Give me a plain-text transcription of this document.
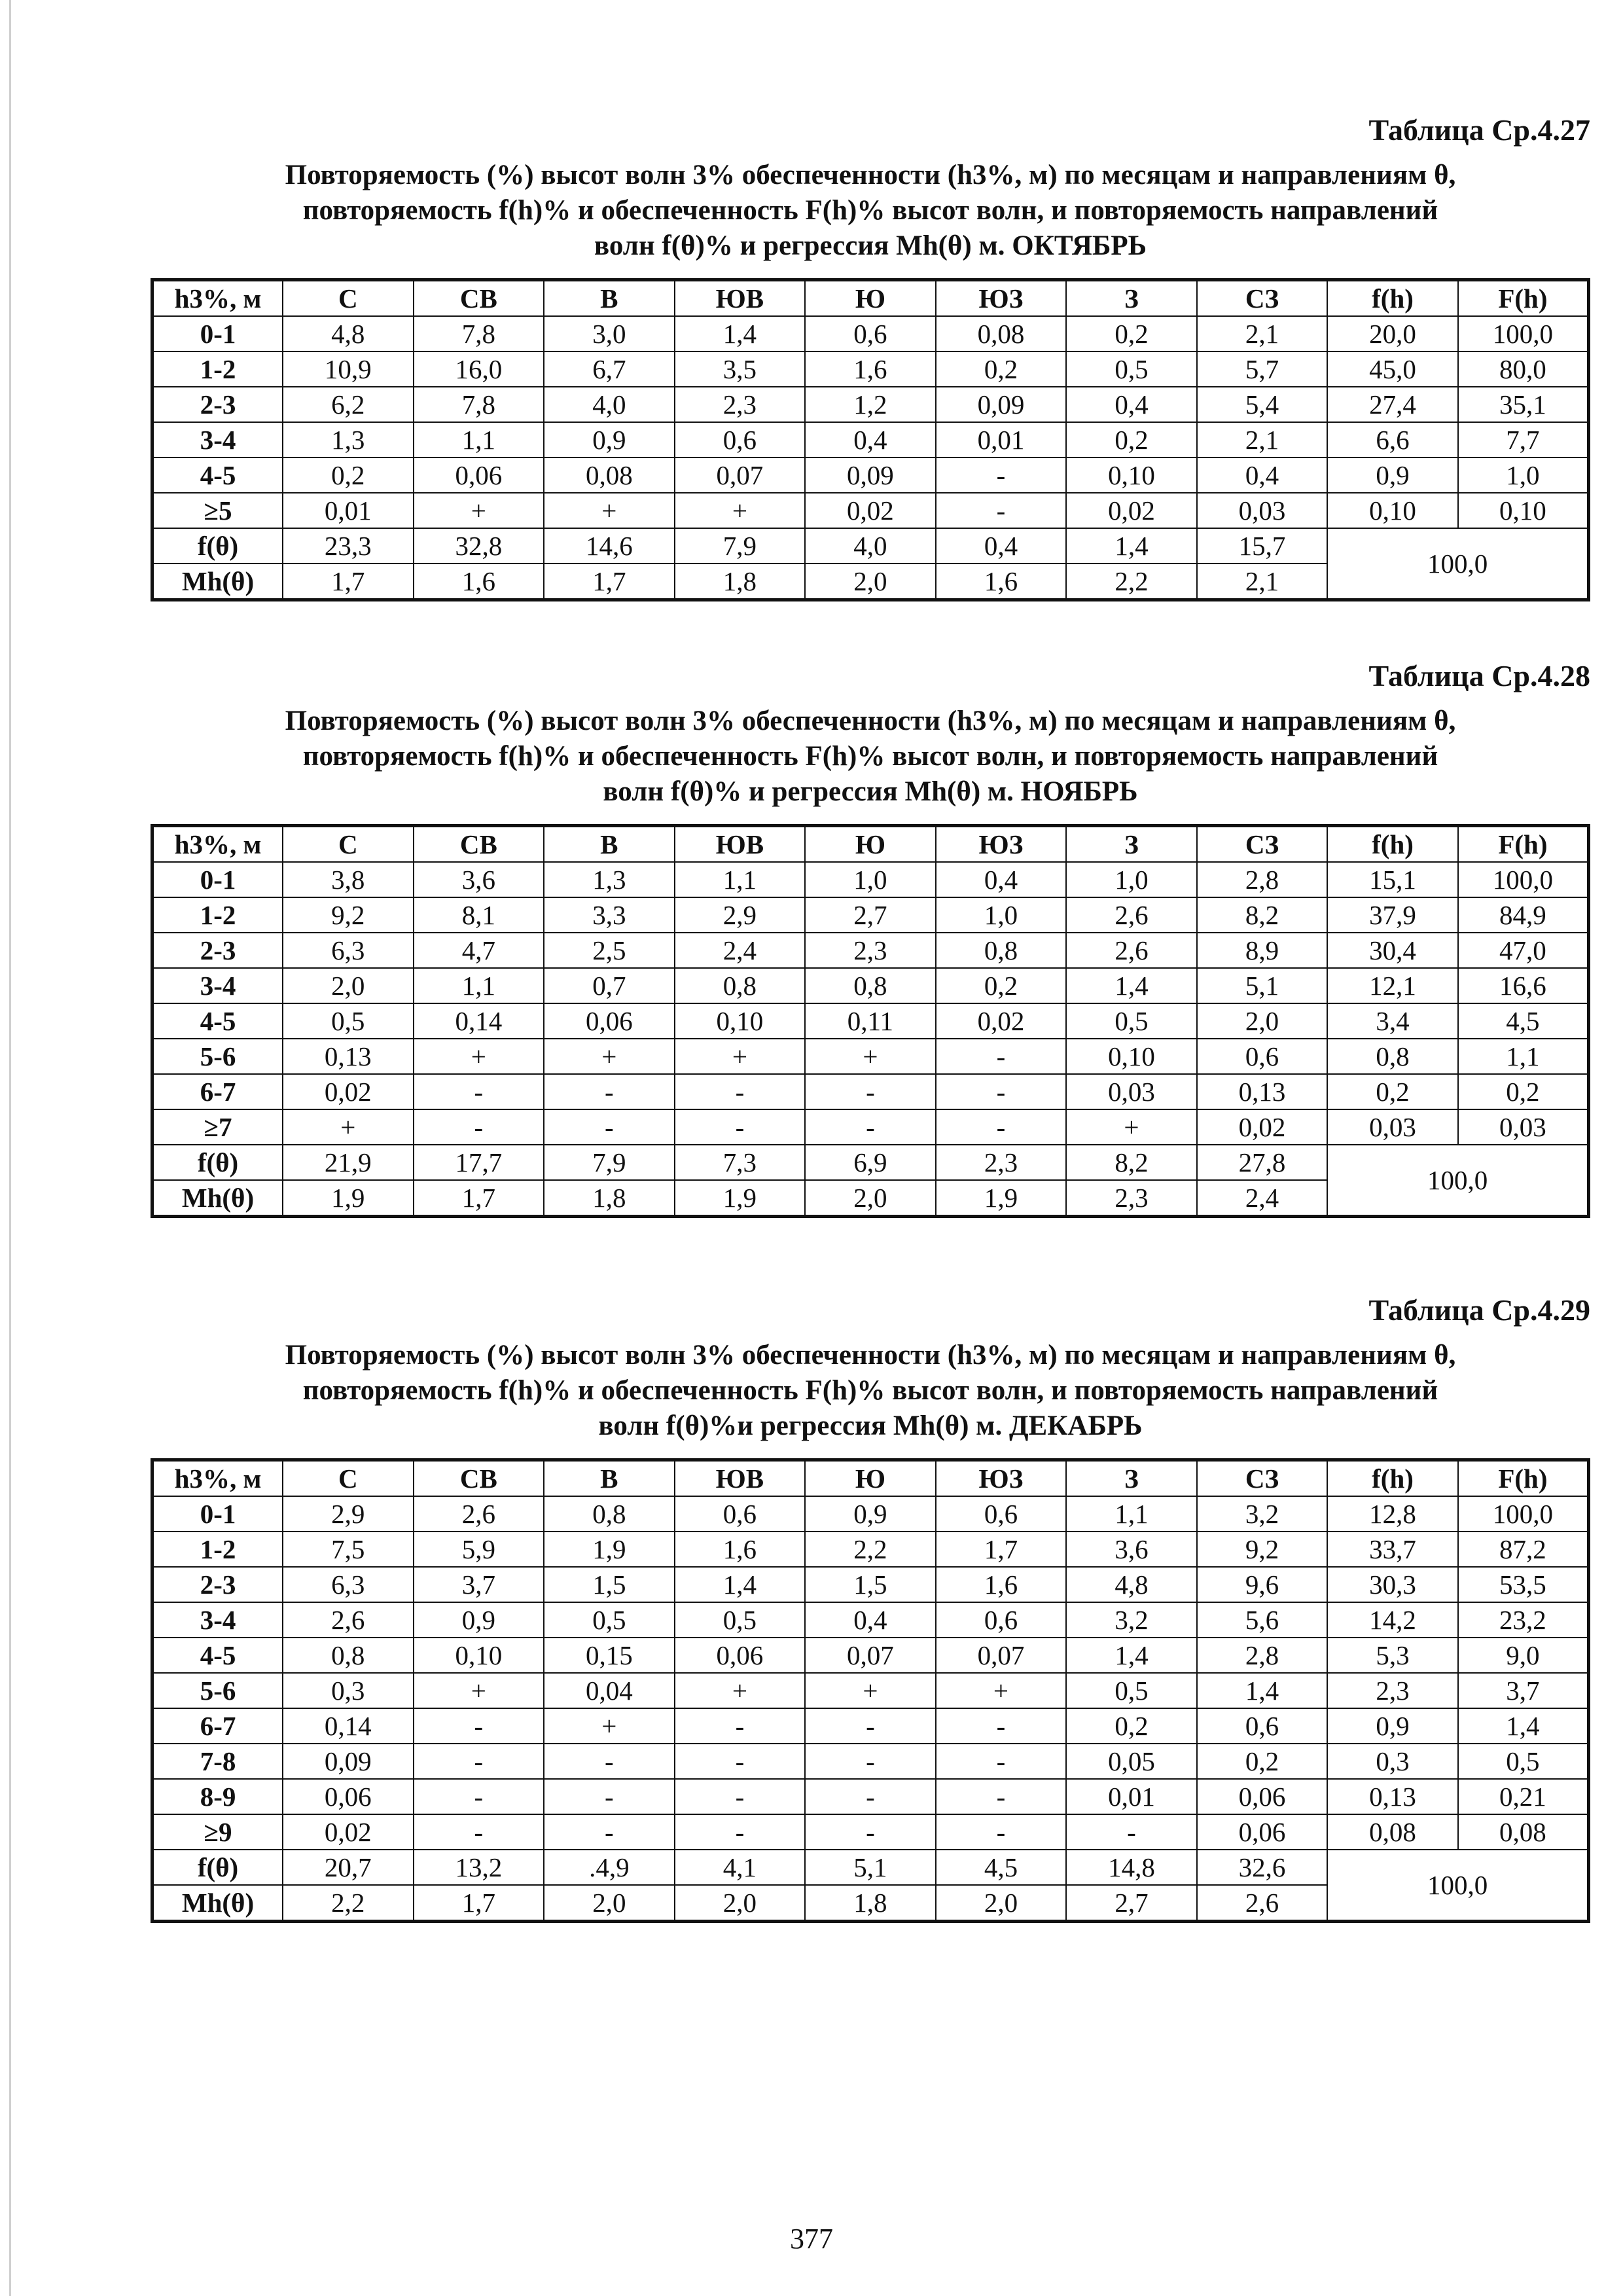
Таблица Ср.4.27
Повторяемость (%) высот волн 3% обеспеченности (h3%, м) по месяцам и направлениям θ,
повторяемость f(h)% и обеспеченность F(h)% высот волн, и повторяемость направлений
волн f(θ)% и регрессия Mh(θ) м. ОКТЯБРЬ
h3%, м	С	СВ	В	ЮВ	Ю	ЮЗ	З	СЗ	f(h)	F(h)
0-1	4,8	7,8	3,0	1,4	0,6	0,08	0,2	2,1	20,0	100,0
1-2	10,9	16,0	6,7	3,5	1,6	0,2	0,5	5,7	45,0	80,0
2-3	6,2	7,8	4,0	2,3	1,2	0,09	0,4	5,4	27,4	35,1
3-4	1,3	1,1	0,9	0,6	0,4	0,01	0,2	2,1	6,6	7,7
4-5	0,2	0,06	0,08	0,07	0,09	-	0,10	0,4	0,9	1,0
≥5	0,01	+	+	+	0,02	-	0,02	0,03	0,10	0,10
f(θ)	23,3	32,8	14,6	7,9	4,0	0,4	1,4	15,7	100,0	
Mh(θ)	1,7	1,6	1,7	1,8	2,0	1,6	2,2	2,1		
Таблица Ср.4.28
Повторяемость (%) высот волн 3% обеспеченности (h3%, м) по месяцам и направлениям θ,
повторяемость f(h)% и обеспеченность F(h)% высот волн, и повторяемость направлений
волн f(θ)% и регрессия Mh(θ) м. НОЯБРЬ
h3%, м	С	СВ	В	ЮВ	Ю	ЮЗ	З	СЗ	f(h)	F(h)
0-1	3,8	3,6	1,3	1,1	1,0	0,4	1,0	2,8	15,1	100,0
1-2	9,2	8,1	3,3	2,9	2,7	1,0	2,6	8,2	37,9	84,9
2-3	6,3	4,7	2,5	2,4	2,3	0,8	2,6	8,9	30,4	47,0
3-4	2,0	1,1	0,7	0,8	0,8	0,2	1,4	5,1	12,1	16,6
4-5	0,5	0,14	0,06	0,10	0,11	0,02	0,5	2,0	3,4	4,5
5-6	0,13	+	+	+	+	-	0,10	0,6	0,8	1,1
6-7	0,02	-	-	-	-	-	0,03	0,13	0,2	0,2
≥7	+	-	-	-	-	-	+	0,02	0,03	0,03
f(θ)	21,9	17,7	7,9	7,3	6,9	2,3	8,2	27,8	100,0	
Mh(θ)	1,9	1,7	1,8	1,9	2,0	1,9	2,3	2,4		
Таблица Ср.4.29
Повторяемость (%) высот волн 3% обеспеченности (h3%, м) по месяцам и направлениям θ,
повторяемость f(h)% и обеспеченность F(h)% высот волн, и повторяемость направлений
волн f(θ)%и регрессия Mh(θ) м. ДЕКАБРЬ
h3%, м	С	СВ	В	ЮВ	Ю	ЮЗ	З	СЗ	f(h)	F(h)
0-1	2,9	2,6	0,8	0,6	0,9	0,6	1,1	3,2	12,8	100,0
1-2	7,5	5,9	1,9	1,6	2,2	1,7	3,6	9,2	33,7	87,2
2-3	6,3	3,7	1,5	1,4	1,5	1,6	4,8	9,6	30,3	53,5
3-4	2,6	0,9	0,5	0,5	0,4	0,6	3,2	5,6	14,2	23,2
4-5	0,8	0,10	0,15	0,06	0,07	0,07	1,4	2,8	5,3	9,0
5-6	0,3	+	0,04	+	+	+	0,5	1,4	2,3	3,7
6-7	0,14	-	+	-	-	-	0,2	0,6	0,9	1,4
7-8	0,09	-	-	-	-	-	0,05	0,2	0,3	0,5
8-9	0,06	-	-	-	-	-	0,01	0,06	0,13	0,21
≥9	0,02	-	-	-	-	-	-	0,06	0,08	0,08
f(θ)	20,7	13,2	.4,9	4,1	5,1	4,5	14,8	32,6	100,0	
Mh(θ)	2,2	1,7	2,0	2,0	1,8	2,0	2,7	2,6		
377
